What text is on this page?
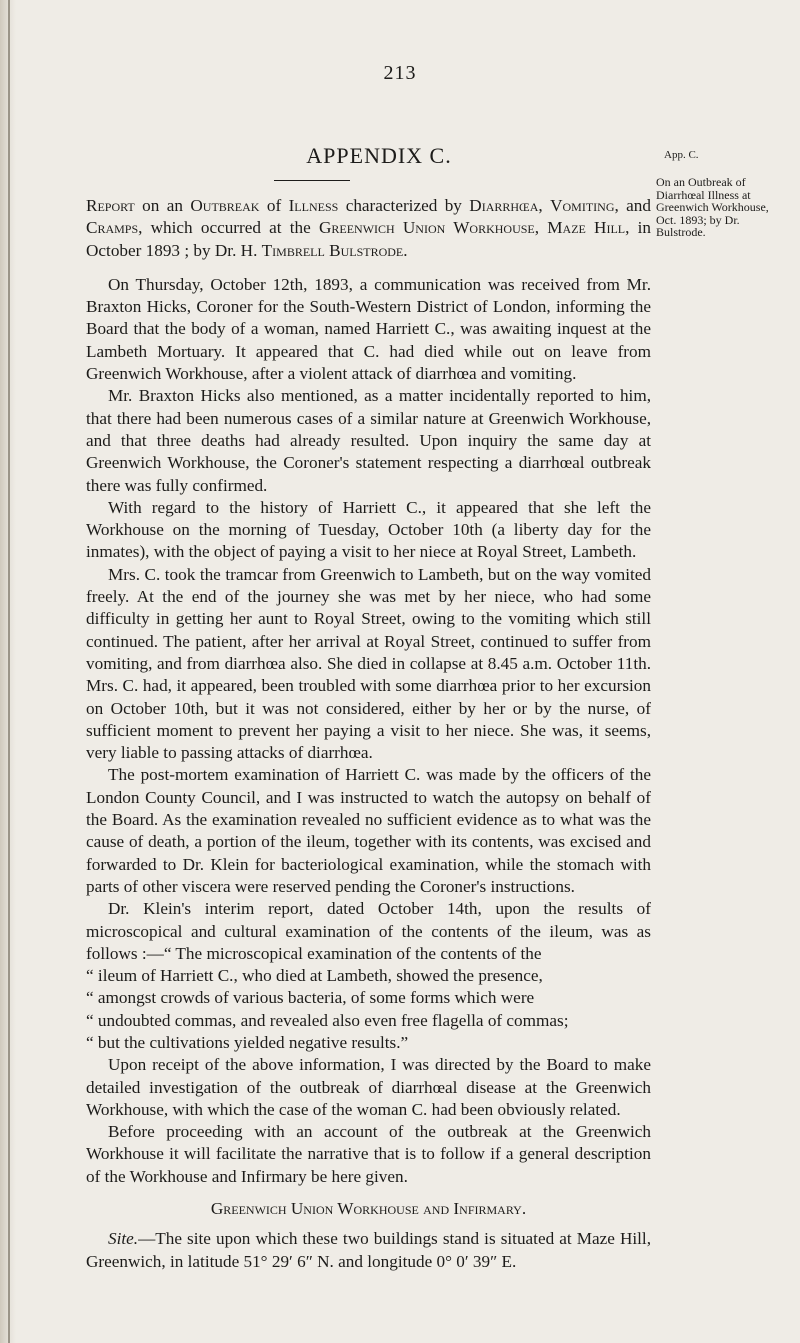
213
APPENDIX C.	App. C.
On an Outbreak of Diarrhœal Illness at Greenwich Workhouse, Oct. 1893; by Dr. Bulstrode.

Report on an Outbreak of Illness characterized by Diarrhœa, Vomiting, and Cramps, which occurred at the Greenwich Union Workhouse, Maze Hill, in October 1893 ; by Dr. H. Timbrell Bulstrode.

On Thursday, October 12th, 1893, a communication was received from Mr. Braxton Hicks, Coroner for the South-Western District of London, informing the Board that the body of a woman, named Harriett C., was awaiting inquest at the Lambeth Mortuary. It appeared that C. had died while out on leave from Greenwich Workhouse, after a violent attack of diarrhœa and vomiting.

Mr. Braxton Hicks also mentioned, as a matter incidentally reported to him, that there had been numerous cases of a similar nature at Greenwich Workhouse, and that three deaths had already resulted. Upon inquiry the same day at Greenwich Workhouse, the Coroner's statement respecting a diarrhœal outbreak there was fully confirmed.

With regard to the history of Harriett C., it appeared that she left the Workhouse on the morning of Tuesday, October 10th (a liberty day for the inmates), with the object of paying a visit to her niece at Royal Street, Lambeth.

Mrs. C. took the tramcar from Greenwich to Lambeth, but on the way vomited freely. At the end of the journey she was met by her niece, who had some difficulty in getting her aunt to Royal Street, owing to the vomiting which still continued. The patient, after her arrival at Royal Street, continued to suffer from vomiting, and from diarrhœa also. She died in collapse at 8.45 a.m. October 11th. Mrs. C. had, it appeared, been troubled with some diarrhœa prior to her excursion on October 10th, but it was not considered, either by her or by the nurse, of sufficient moment to prevent her paying a visit to her niece. She was, it seems, very liable to passing attacks of diarrhœa.

The post-mortem examination of Harriett C. was made by the officers of the London County Council, and I was instructed to watch the autopsy on behalf of the Board. As the examination revealed no sufficient evidence as to what was the cause of death, a portion of the ileum, together with its contents, was excised and forwarded to Dr. Klein for bacteriological examination, while the stomach with parts of other viscera were reserved pending the Coroner's instructions.

Dr. Klein's interim report, dated October 14th, upon the results of microscopical and cultural examination of the contents of the ileum, was as follows :—“ The microscopical examination of the contents of the

“ ileum of Harriett C., who died at Lambeth, showed the presence,

“ amongst crowds of various bacteria, of some forms which were

“ undoubted commas, and revealed also even free flagella of commas;

“ but the cultivations yielded negative results.”

Upon receipt of the above information, I was directed by the Board to make detailed investigation of the outbreak of diarrhœal disease at the Greenwich Workhouse, with which the case of the woman C. had been obviously related.

Before proceeding with an account of the outbreak at the Greenwich Workhouse it will facilitate the narrative that is to follow if a general description of the Workhouse and Infirmary be here given.

Greenwich Union Workhouse and Infirmary.

Site.—The site upon which these two buildings stand is situated at Maze Hill, Greenwich, in latitude 51° 29′ 6″ N. and longitude 0° 0′ 39″ E.
